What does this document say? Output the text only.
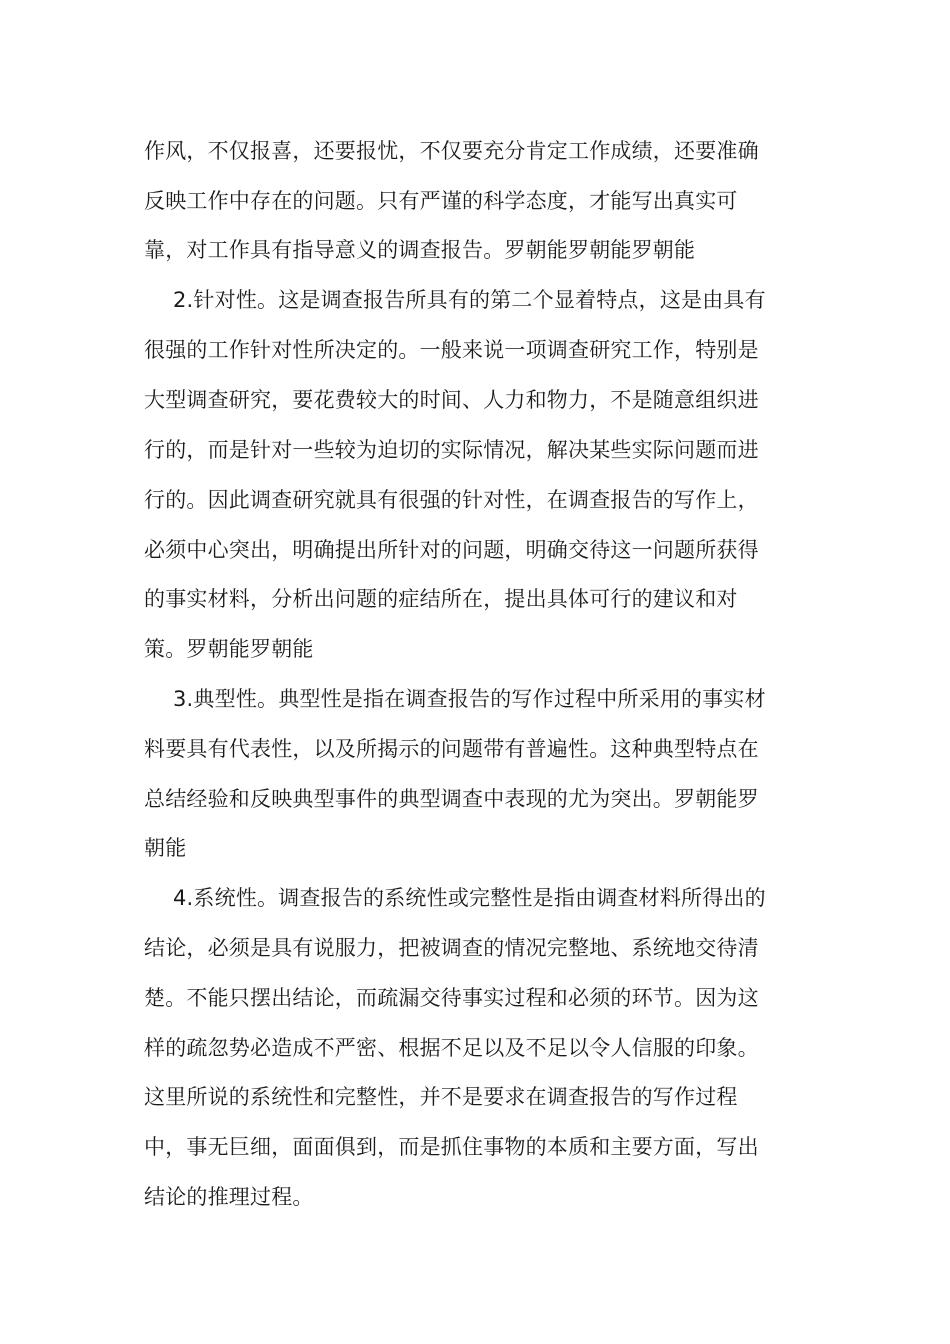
作风，不仅报喜，还要报忧，不仅要充分肯定工作成绩，还要准确
反映工作中存在的问题。只有严谨的科学态度，才能写出真实可
靠，对工作具有指导意义的调查报告。罗朝能罗朝能罗朝能
2.针对性。这是调查报告所具有的第二个显着特点，这是由具有
很强的工作针对性所决定的。一般来说一项调查研究工作，特别是
大型调查研究，要花费较大的时间、人力和物力，不是随意组织进
行的，而是针对一些较为迫切的实际情况，解决某些实际问题而进
行的。因此调查研究就具有很强的针对性，在调查报告的写作上，
必须中心突出，明确提出所针对的问题，明确交待这一问题所获得
的事实材料，分析出问题的症结所在，提出具体可行的建议和对
策。罗朝能罗朝能
3.典型性。典型性是指在调查报告的写作过程中所采用的事实材
料要具有代表性，以及所揭示的问题带有普遍性。这种典型特点在
总结经验和反映典型事件的典型调查中表现的尤为突出。罗朝能罗
朝能
4.系统性。调查报告的系统性或完整性是指由调查材料所得出的
结论，必须是具有说服力，把被调查的情况完整地、系统地交待清
楚。不能只摆出结论，而疏漏交待事实过程和必须的环节。因为这
样的疏忽势必造成不严密、根据不足以及不足以令人信服的印象。
这里所说的系统性和完整性，并不是要求在调查报告的写作过程
中，事无巨细，面面俱到，而是抓住事物的本质和主要方面，写出
结论的推理过程。
